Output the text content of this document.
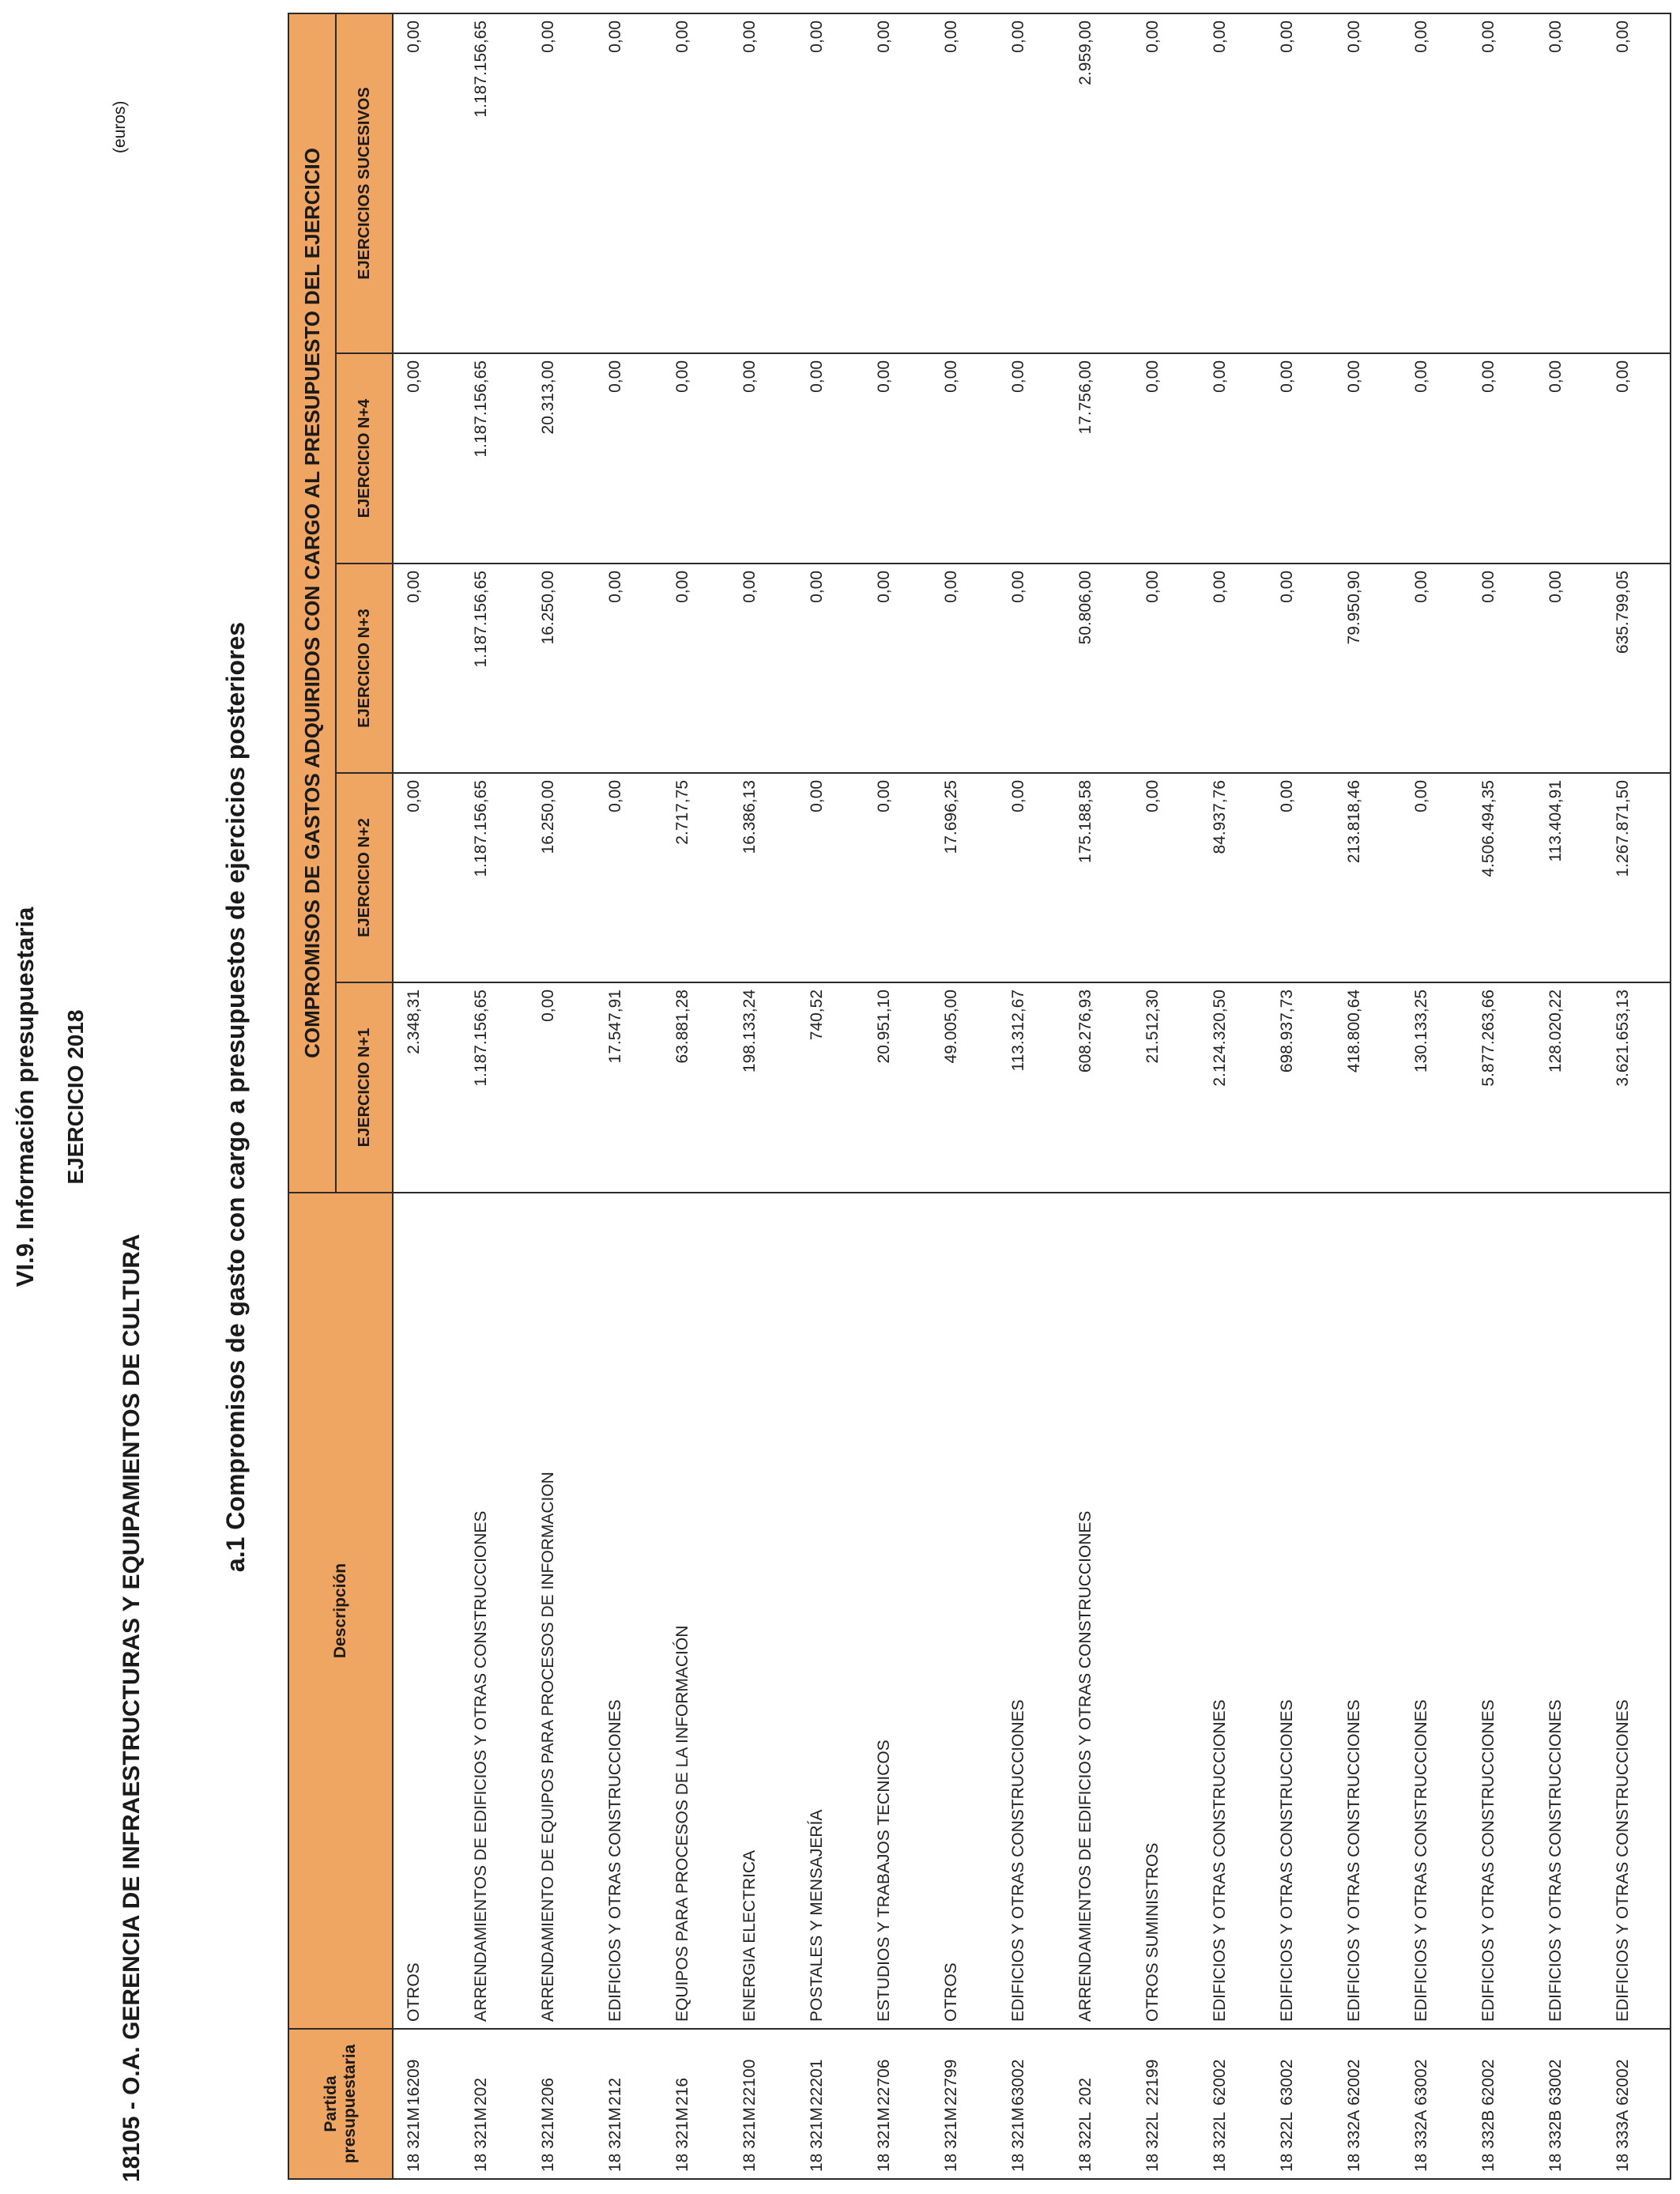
VI.9. Información presupuestaria EJERCICIO 2018
18105 - O.A. GERENCIA DE INFRAESTRUCTURAS Y EQUIPAMIENTOS DE CULTURA
a.1 Compromisos de gasto con cargo a presupuestos de ejercicios posteriores
(euros)
Partida presupuestaria	Descripción	COMPROMISOS DE GASTOS ADQUIRIDOS CON CARGO AL PRESUPUESTO DEL EJERCICIO				
		EJERCICIO N+1	EJERCICIO N+2	EJERCICIO N+3	EJERCICIO N+4	EJERCICIOS SUCESIVOS
18 321M16209	OTROS	2.348,31	0,00	0,00	0,00	0,00
18 321M202	ARRENDAMIENTOS DE EDIFICIOS Y OTRAS CONSTRUCCIONES	1.187.156,65	1.187.156,65	1.187.156,65	1.187.156,65	1.187.156,65
18 321M206	ARRENDAMIENTO DE EQUIPOS PARA PROCESOS DE INFORMACION	0,00	16.250,00	16.250,00	20.313,00	0,00
18 321M212	EDIFICIOS Y OTRAS CONSTRUCCIONES	17.547,91	0,00	0,00	0,00	0,00
18 321M216	EQUIPOS PARA PROCESOS DE LA INFORMACIÓN	63.881,28	2.717,75	0,00	0,00	0,00
18 321M22100	ENERGIA ELECTRICA	198.133,24	16.386,13	0,00	0,00	0,00
18 321M22201	POSTALES Y MENSAJERÍA	740,52	0,00	0,00	0,00	0,00
18 321M22706	ESTUDIOS Y TRABAJOS TECNICOS	20.951,10	0,00	0,00	0,00	0,00
18 321M22799	OTROS	49.005,00	17.696,25	0,00	0,00	0,00
18 321M63002	EDIFICIOS Y OTRAS CONSTRUCCIONES	113.312,67	0,00	0,00	0,00	0,00
18 322L202	ARRENDAMIENTOS DE EDIFICIOS Y OTRAS CONSTRUCCIONES	608.276,93	175.188,58	50.806,00	17.756,00	2.959,00
18 322L22199	OTROS SUMINISTROS	21.512,30	0,00	0,00	0,00	0,00
18 322L62002	EDIFICIOS Y OTRAS CONSTRUCCIONES	2.124.320,50	84.937,76	0,00	0,00	0,00
18 322L63002	EDIFICIOS Y OTRAS CONSTRUCCIONES	698.937,73	0,00	0,00	0,00	0,00
18 332A62002	EDIFICIOS Y OTRAS CONSTRUCCIONES	418.800,64	213.818,46	79.950,90	0,00	0,00
18 332A63002	EDIFICIOS Y OTRAS CONSTRUCCIONES	130.133,25	0,00	0,00	0,00	0,00
18 332B62002	EDIFICIOS Y OTRAS CONSTRUCCIONES	5.877.263,66	4.506.494,35	0,00	0,00	0,00
18 332B63002	EDIFICIOS Y OTRAS CONSTRUCCIONES	128.020,22	113.404,91	0,00	0,00	0,00
18 333A62002	EDIFICIOS Y OTRAS CONSTRUCCIONES	3.621.653,13	1.267.871,50	635.799,05	0,00	0,00
